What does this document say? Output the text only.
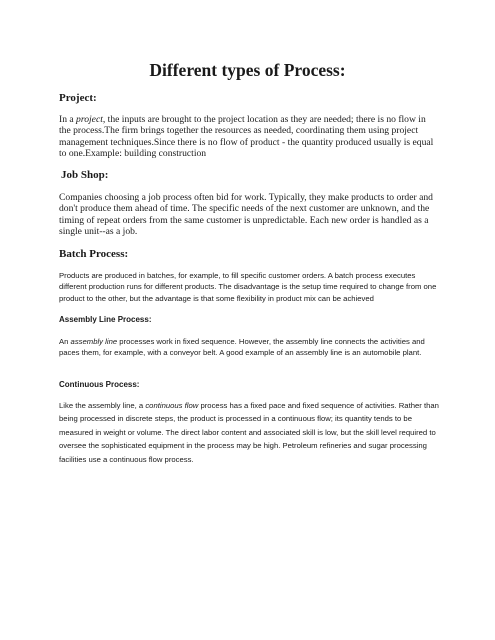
Different types of Process:
Project:

In a project, the inputs are brought to the project location as they are needed; there is no flow in the process.The firm brings together the resources as needed, coordinating them using project management techniques.Since there is no flow of product - the quantity produced usually is equal to one.Example: building construction

Job Shop:

Companies choosing a job process often bid for work. Typically, they make products to order and don't produce them ahead of time. The specific needs of the next customer are unknown, and the timing of repeat orders from the same customer is unpredictable. Each new order is handled as a single unit--as a job.

Batch Process:

Products are produced in batches, for example, to fill specific customer orders. A batch process executes different production runs for different products. The disadvantage is the setup time required to change from one product to the other, but the advantage is that some flexibility in product mix can be achieved

Assembly Line Process:

An assembly line processes work in fixed sequence. However, the assembly line connects the activities and paces them, for example, with a conveyor belt. A good example of an assembly line is an automobile plant.

Continuous Process:

Like the assembly line, a continuous flow process has a fixed pace and fixed sequence of activities. Rather than being processed in discrete steps, the product is processed in a continuous flow; its quantity tends to be measured in weight or volume. The direct labor content and associated skill is low, but the skill level required to oversee the sophisticated equipment in the process may be high. Petroleum refineries and sugar processing facilities use a continuous flow process.
